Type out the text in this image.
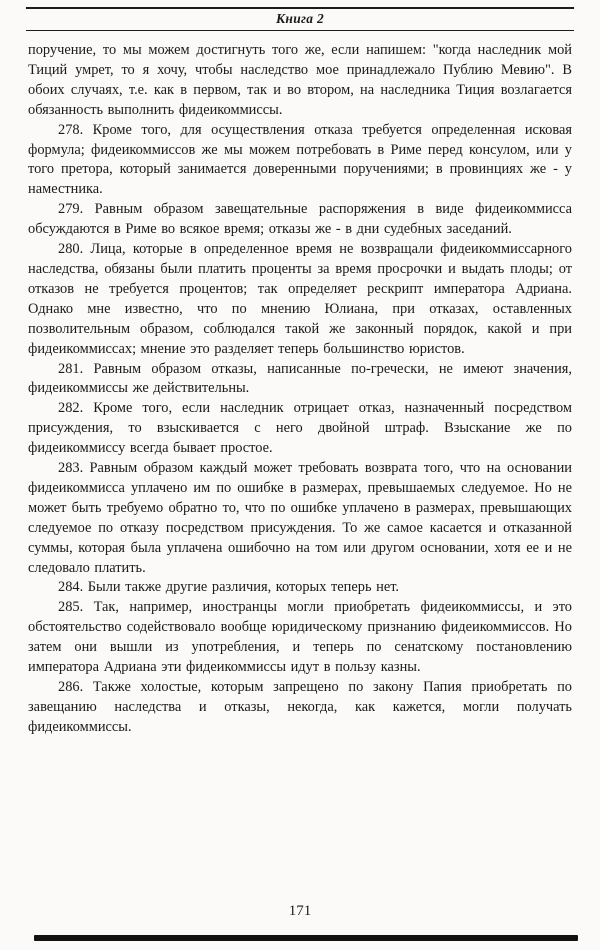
Книга 2

поручение, то мы можем достигнуть того же, если напишем: "когда наследник мой Тиций умрет, то я хочу, чтобы наследство мое принадлежало Публию Мевию". В обоих случаях, т.е. как в первом, так и во втором, на наследника Тиция возлагается обязанность выполнить фидеикоммиссы.

278. Кроме того, для осуществления отказа требуется определенная исковая формула; фидеикоммиссов же мы можем потребовать в Риме перед консулом, или у того претора, который занимается доверенными поручениями; в провинциях же - у наместника.

279. Равным образом завещательные распоряжения в виде фидеикоммисса обсуждаются в Риме во всякое время; отказы же - в дни судебных заседаний.

280. Лица, которые в определенное время не возвращали фидеикоммиссарного наследства, обязаны были платить проценты за время просрочки и выдать плоды; от отказов не требуется процентов; так определяет рескрипт императора Адриана. Однако мне известно, что по мнению Юлиана, при отказах, оставленных позволительным образом, соблюдался такой же законный порядок, какой и при фидеикоммиссах; мнение это разделяет теперь большинство юристов.

281. Равным образом отказы, написанные по-гречески, не имеют значения, фидеикоммиссы же действительны.

282. Кроме того, если наследник отрицает отказ, назначенный посредством присуждения, то взыскивается с него двойной штраф. Взыскание же по фидеикоммиссу всегда бывает простое.

283. Равным образом каждый может требовать возврата того, что на основании фидеикоммисса уплачено им по ошибке в размерах, превышаемых следуемое. Но не может быть требуемо обратно то, что по ошибке уплачено в размерах, превышающих следуемое по отказу посредством присуждения. То же самое касается и отказанной суммы, которая была уплачена ошибочно на том или другом основании, хотя ее и не следовало платить.

284. Были также другие различия, которых теперь нет.

285. Так, например, иностранцы могли приобретать фидеикоммиссы, и это обстоятельство содействовало вообще юридическому признанию фидеикоммиссов. Но затем они вышли из употребления, и теперь по сенатскому постановлению императора Адриана эти фидеикоммиссы идут в пользу казны.

286. Также холостые, которым запрещено по закону Папия приобретать по завещанию наследства и отказы, некогда, как кажется, могли получать фидеикоммиссы.

171
